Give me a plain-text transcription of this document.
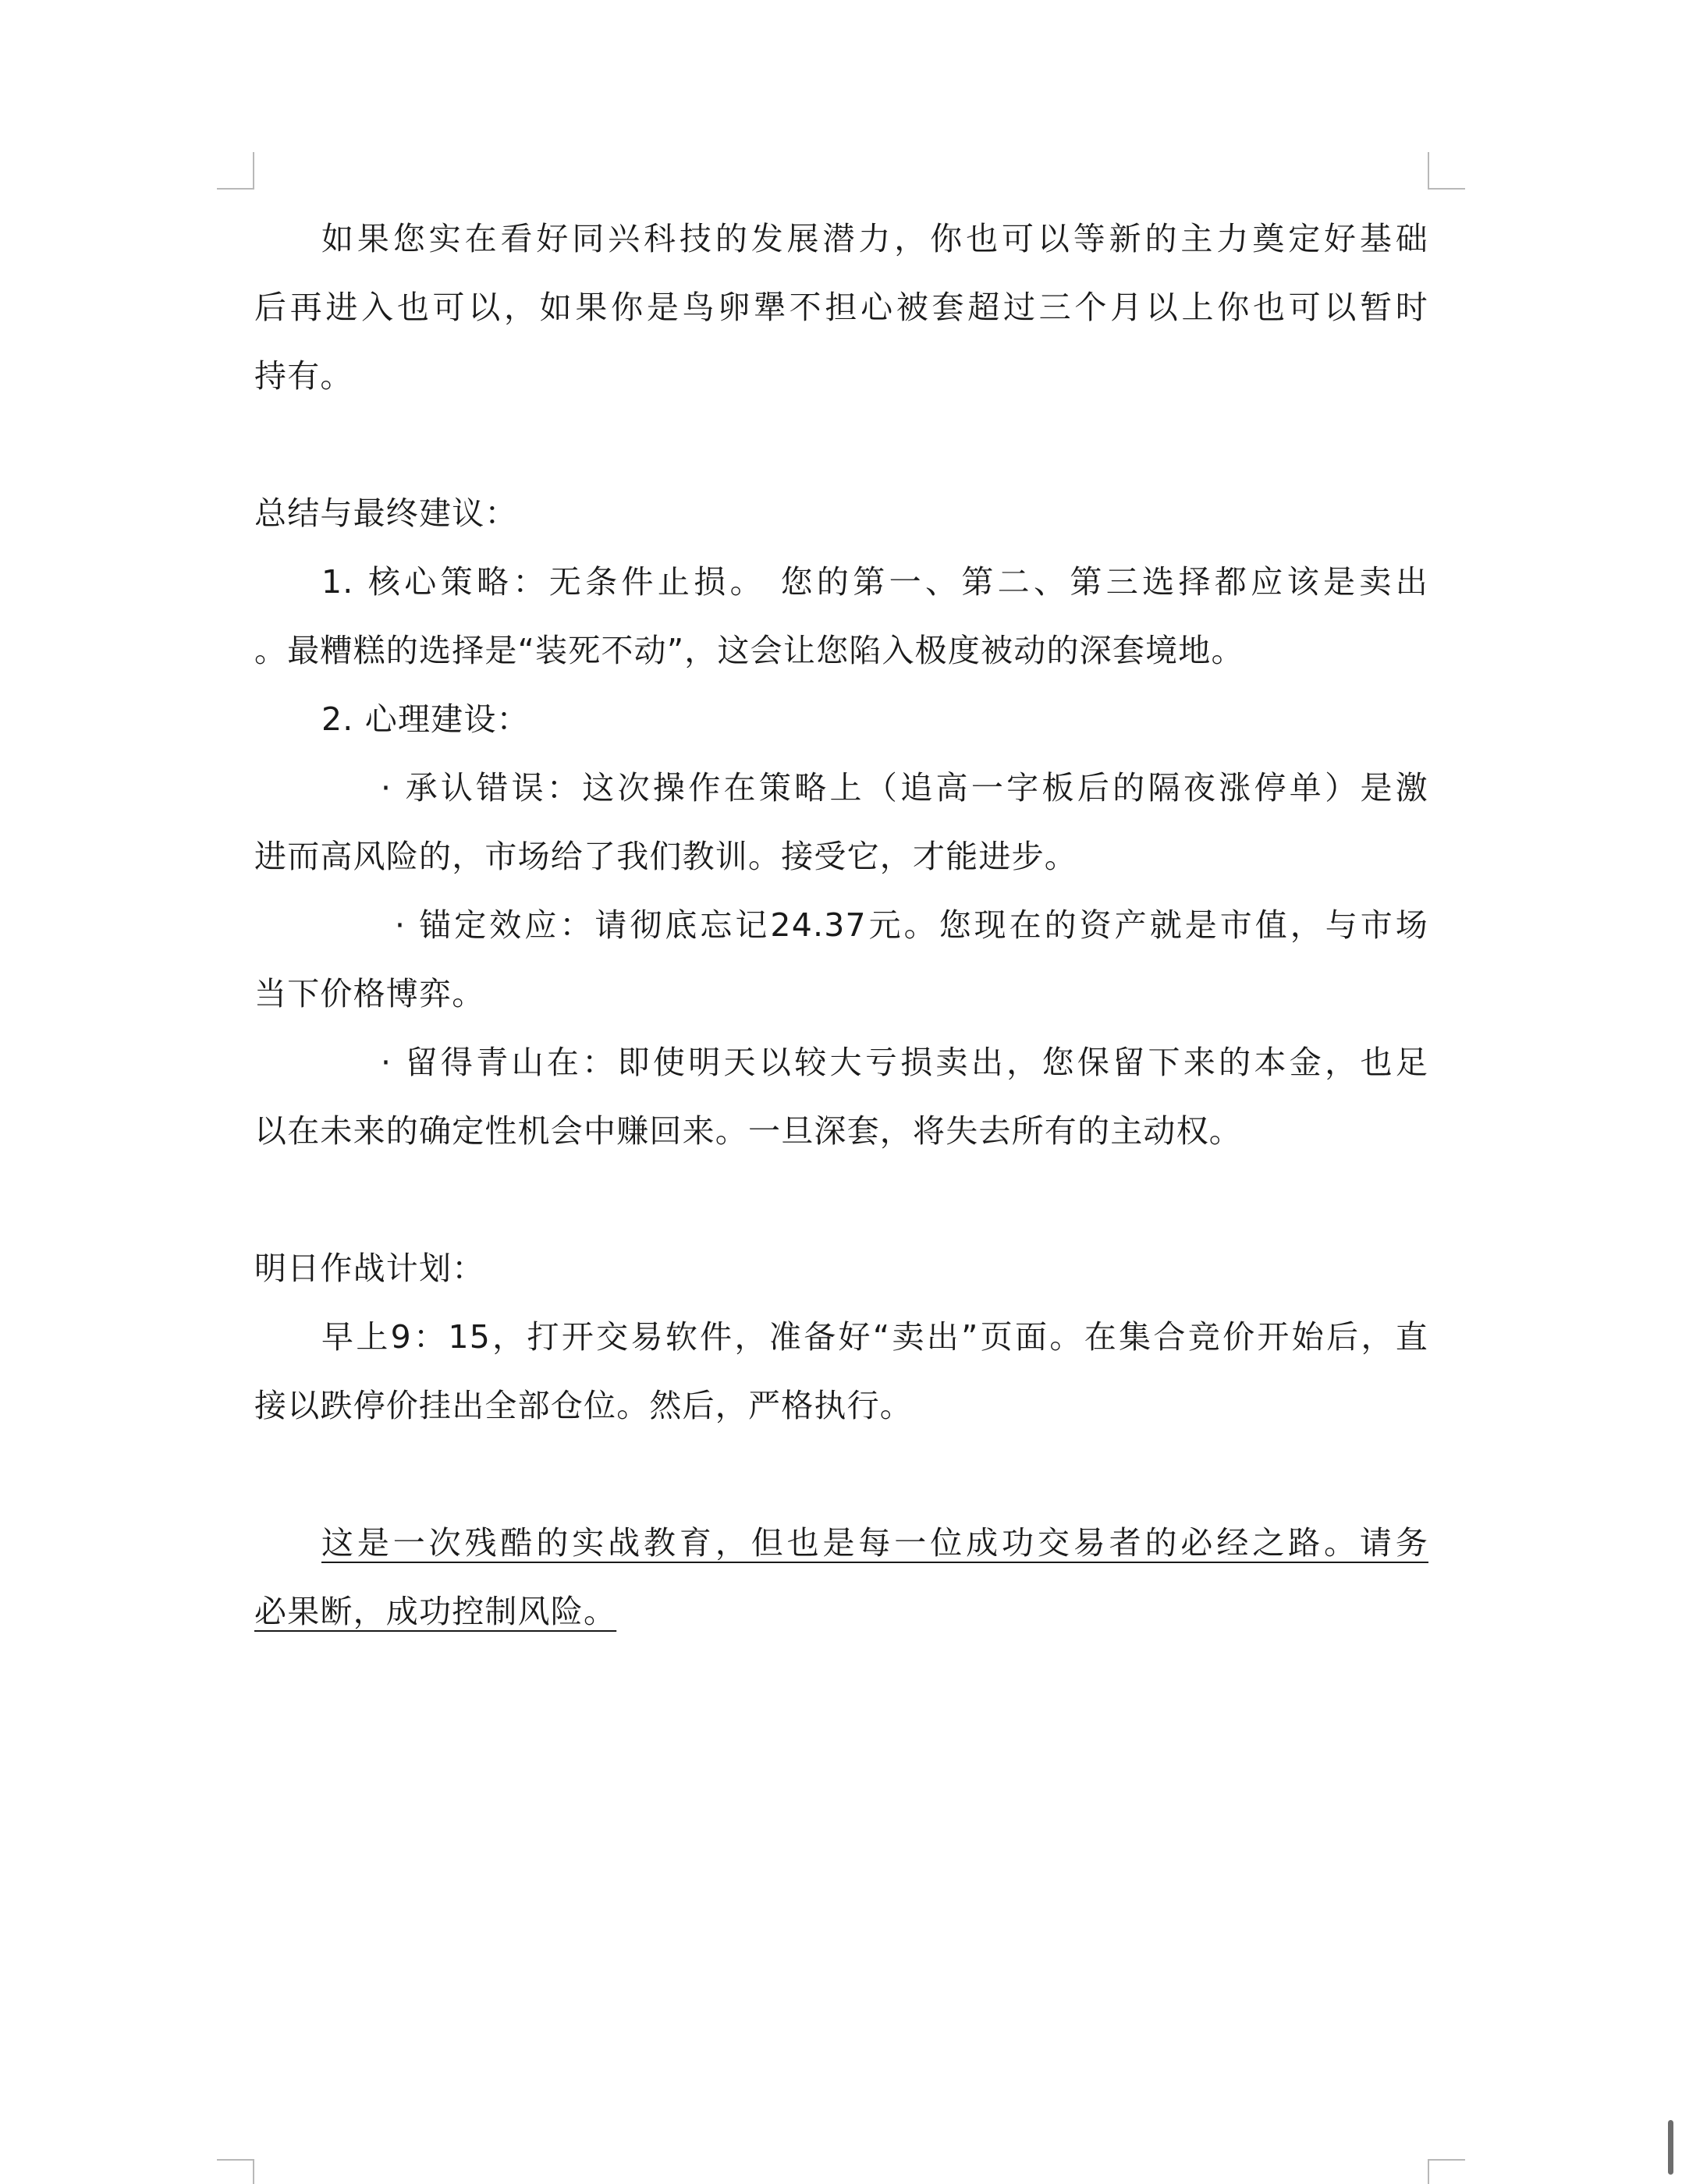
如果您实在看好同兴科技的发展潜力，你也可以等新的主力奠定好基础
后再进入也可以，如果你是鸟卵犟不担心被套超过三个月以上你也可以暂时
持有。
总结与最终建议：
1. 核心策略：无条件止损。 您的第一、第二、第三选择都应该是卖出
。最糟糕的选择是“装死不动”，这会让您陷入极度被动的深套境地。
2. 心理建设：
· 承认错误：这次操作在策略上（追高一字板后的隔夜涨停单）是激
进而高风险的，市场给了我们教训。接受它，才能进步。
· 锚定效应：请彻底忘记24.37元。您现在的资产就是市值，与市场
当下价格博弈。
· 留得青山在：即使明天以较大亏损卖出，您保留下来的本金，也足
以在未来的确定性机会中赚回来。一旦深套，将失去所有的主动权。
明日作战计划：
早上9：15，打开交易软件，准备好“卖出”页面。在集合竞价开始后，直
接以跌停价挂出全部仓位。然后，严格执行。
这是一次残酷的实战教育，但也是每一位成功交易者的必经之路。请务
必果断，成功控制风险。
